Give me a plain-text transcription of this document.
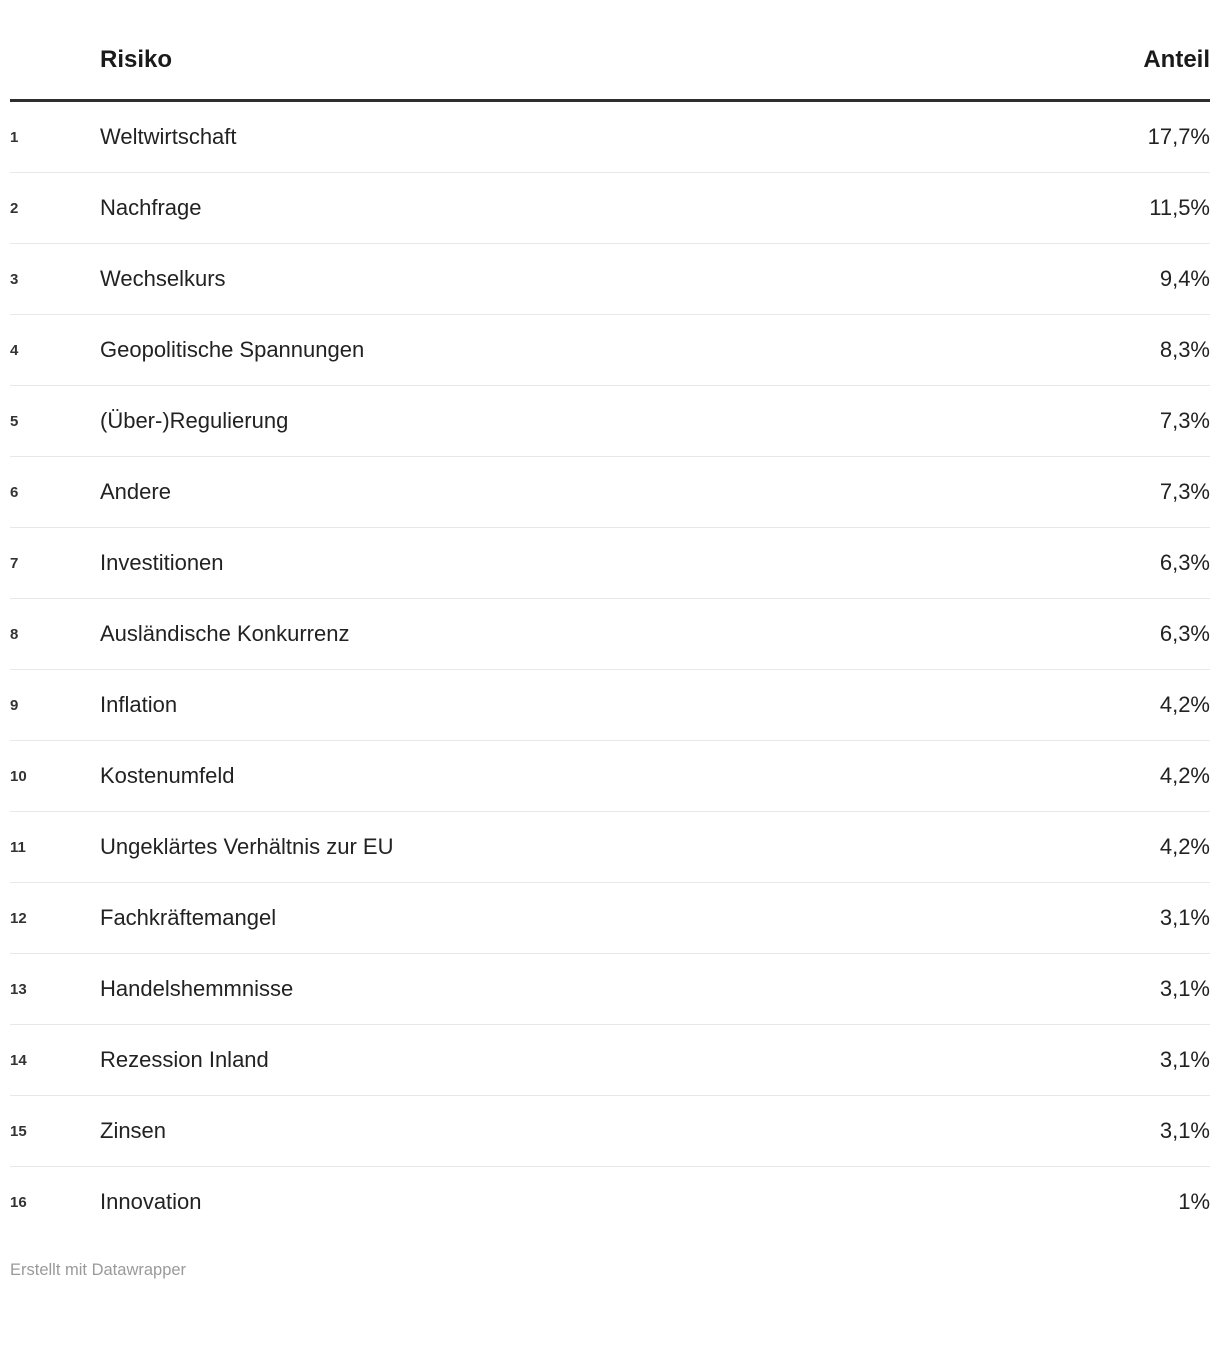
	Risiko	Anteil
1	Weltwirtschaft	17,7%
2	Nachfrage	11,5%
3	Wechselkurs	9,4%
4	Geopolitische Spannungen	8,3%
5	(Über-)Regulierung	7,3%
6	Andere	7,3%
7	Investitionen	6,3%
8	Ausländische Konkurrenz	6,3%
9	Inflation	4,2%
10	Kostenumfeld	4,2%
11	Ungeklärtes Verhältnis zur EU	4,2%
12	Fachkräftemangel	3,1%
13	Handelshemmnisse	3,1%
14	Rezession Inland	3,1%
15	Zinsen	3,1%
16	Innovation	1%
Erstellt mit Datawrapper
